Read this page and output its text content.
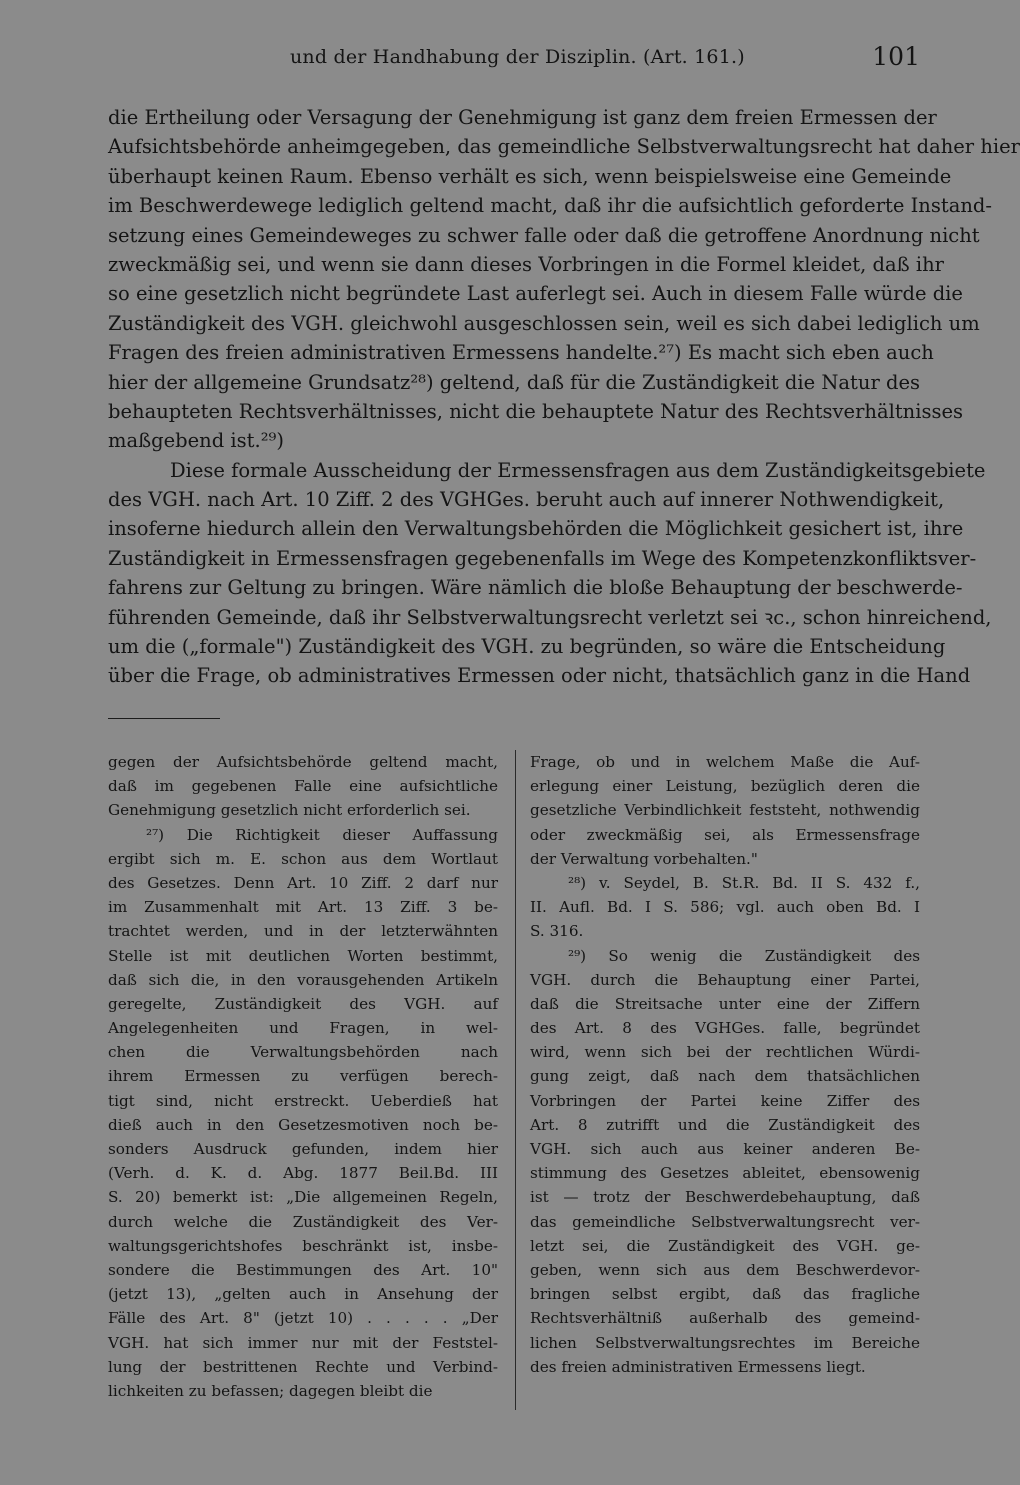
und der Handhabung der Disziplin. (Art. 161.)	101
die Ertheilung oder Versagung der Genehmigung ist ganz dem freien Ermessen der
Aufsichtsbehörde anheimgegeben, das gemeindliche Selbstverwaltungsrecht hat daher hier
überhaupt keinen Raum. Ebenso verhält es sich, wenn beispielsweise eine Gemeinde
im Beschwerdewege lediglich geltend macht, daß ihr die aufsichtlich geforderte Instand-
setzung eines Gemeindeweges zu schwer falle oder daß die getroffene Anordnung nicht
zweckmäßig sei, und wenn sie dann dieses Vorbringen in die Formel kleidet, daß ihr
so eine gesetzlich nicht begründete Last auferlegt sei. Auch in diesem Falle würde die
Zuständigkeit des VGH. gleichwohl ausgeschlossen sein, weil es sich dabei lediglich um
Fragen des freien administrativen Ermessens handelte.²⁷) Es macht sich eben auch
hier der allgemeine Grundsatz²⁸) geltend, daß für die Zuständigkeit die Natur des
behaupteten Rechtsverhältnisses, nicht die behauptete Natur des Rechtsverhältnisses
maßgebend ist.²⁹)
Diese formale Ausscheidung der Ermessensfragen aus dem Zuständigkeitsgebiete
des VGH. nach Art. 10 Ziff. 2 des VGHGes. beruht auch auf innerer Nothwendigkeit,
insoferne hiedurch allein den Verwaltungsbehörden die Möglichkeit gesichert ist, ihre
Zuständigkeit in Ermessensfragen gegebenenfalls im Wege des Kompetenzkonfliktsver-
fahrens zur Geltung zu bringen. Wäre nämlich die bloße Behauptung der beschwerde-
führenden Gemeinde, daß ihr Selbstverwaltungsrecht verletzt sei ꝛc., schon hinreichend,
um die („formale") Zuständigkeit des VGH. zu begründen, so wäre die Entscheidung
über die Frage, ob administratives Ermessen oder nicht, thatsächlich ganz in die Hand
gegen der Aufsichtsbehörde geltend macht,
daß im gegebenen Falle eine aufsichtliche
Genehmigung gesetzlich nicht erforderlich sei.
²⁷) Die Richtigkeit dieser Auffassung
ergibt sich m. E. schon aus dem Wortlaut
des Gesetzes. Denn Art. 10 Ziff. 2 darf nur
im Zusammenhalt mit Art. 13 Ziff. 3 be-
trachtet werden, und in der letzterwähnten
Stelle ist mit deutlichen Worten bestimmt,
daß sich die, in den vorausgehenden Artikeln
geregelte, Zuständigkeit des VGH. auf
Angelegenheiten und Fragen, in wel-
chen die Verwaltungsbehörden nach
ihrem Ermessen zu verfügen berech-
tigt sind, nicht erstreckt. Ueberdieß hat
dieß auch in den Gesetzesmotiven noch be-
sonders Ausdruck gefunden, indem hier
(Verh. d. K. d. Abg. 1877 Beil.Bd. III
S. 20) bemerkt ist: „Die allgemeinen Regeln,
durch welche die Zuständigkeit des Ver-
waltungsgerichtshofes beschränkt ist, insbe-
sondere die Bestimmungen des Art. 10"
(jetzt 13), „gelten auch in Ansehung der
Fälle des Art. 8" (jetzt 10) . . . . . „Der
VGH. hat sich immer nur mit der Feststel-
lung der bestrittenen Rechte und Verbind-
lichkeiten zu befassen; dagegen bleibt die
Frage, ob und in welchem Maße die Auf-
erlegung einer Leistung, bezüglich deren die
gesetzliche Verbindlichkeit feststeht, nothwendig
oder zweckmäßig sei, als Ermessensfrage
der Verwaltung vorbehalten."
²⁸) v. Seydel, B. St.R. Bd. II S. 432 f.,
II. Aufl. Bd. I S. 586; vgl. auch oben Bd. I
S. 316.
²⁹) So wenig die Zuständigkeit des
VGH. durch die Behauptung einer Partei,
daß die Streitsache unter eine der Ziffern
des Art. 8 des VGHGes. falle, begründet
wird, wenn sich bei der rechtlichen Würdi-
gung zeigt, daß nach dem thatsächlichen
Vorbringen der Partei keine Ziffer des
Art. 8 zutrifft und die Zuständigkeit des
VGH. sich auch aus keiner anderen Be-
stimmung des Gesetzes ableitet, ebensowenig
ist — trotz der Beschwerdebehauptung, daß
das gemeindliche Selbstverwaltungsrecht ver-
letzt sei, die Zuständigkeit des VGH. ge-
geben, wenn sich aus dem Beschwerdevor-
bringen selbst ergibt, daß das fragliche
Rechtsverhältniß außerhalb des gemeind-
lichen Selbstverwaltungsrechtes im Bereiche
des freien administrativen Ermessens liegt.
